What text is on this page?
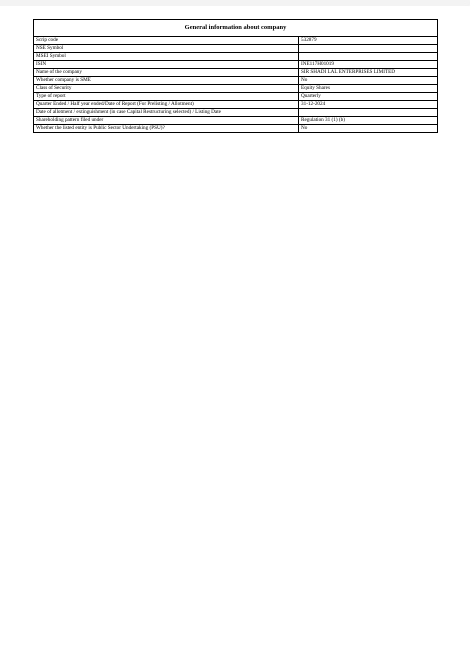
General information about company	
Scrip code	532879
NSE Symbol	
MSEI Symbol	
ISIN	INE117H01019
Name of the company	SIR SHADI LAL ENTERPRISES LIMITED
Whether company is SME	No
Class of Security	Equity Shares
Type of report	Quarterly
Quarter Ended / Half year ended/Date of Report (For Prelisting / Allotment)	31-12-2024
Date of allotment / extinguishment (in case Capital Restructuring selected) / Listing Date	
Shareholding pattern filed under	Regulation 31 (1) (b)
Whether the listed entity is Public Sector Undertaking (PSU)?	No
